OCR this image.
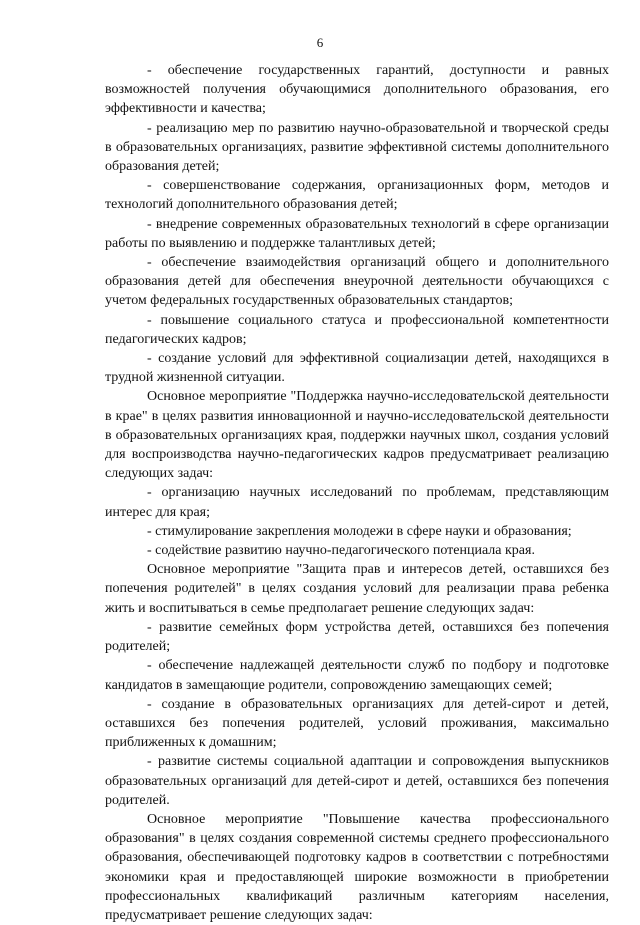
6

- обеспечение государственных гарантий, доступности и равных возможностей получения обучающимися дополнительного образования, его эффективности и качества;

- реализацию мер по развитию научно-образовательной и творческой среды в образовательных организациях, развитие эффективной системы дополнительного образования детей;

- совершенствование содержания, организационных форм, методов и технологий дополнительного образования детей;

- внедрение современных образовательных технологий в сфере организации работы по выявлению и поддержке талантливых детей;

- обеспечение взаимодействия организаций общего и дополнительного образования детей для обеспечения внеурочной деятельности обучающихся с учетом федеральных государственных образовательных стандартов;

- повышение социального статуса и профессиональной компетентности педагогических кадров;

- создание условий для эффективной социализации детей, находящихся в трудной жизненной ситуации.

Основное мероприятие "Поддержка научно-исследовательской деятельности в крае" в целях развития инновационной и научно-исследовательской деятельности в образовательных организациях края, поддержки научных школ, создания условий для воспроизводства научно-педагогических кадров предусматривает реализацию следующих задач:

- организацию научных исследований по проблемам, представляющим интерес для края;

- стимулирование закрепления молодежи в сфере науки и образования;

- содействие развитию научно-педагогического потенциала края.

Основное мероприятие "Защита прав и интересов детей, оставшихся без попечения родителей" в целях создания условий для реализации права ребенка жить и воспитываться в семье предполагает решение следующих задач:

- развитие семейных форм устройства детей, оставшихся без попечения родителей;

- обеспечение надлежащей деятельности служб по подбору и подготовке кандидатов в замещающие родители, сопровождению замещающих семей;

- создание в образовательных организациях для детей-сирот и детей, оставшихся без попечения родителей, условий проживания, максимально приближенных к домашним;

- развитие системы социальной адаптации и сопровождения выпускников образовательных организаций для детей-сирот и детей, оставшихся без попечения родителей.

Основное мероприятие "Повышение качества профессионального образования" в целях создания современной системы среднего профессионального образования, обеспечивающей подготовку кадров в соответствии с потребностями экономики края и предоставляющей широкие возможности в приобретении профессиональных квалификаций различным категориям населения, предусматривает решение следующих задач:
